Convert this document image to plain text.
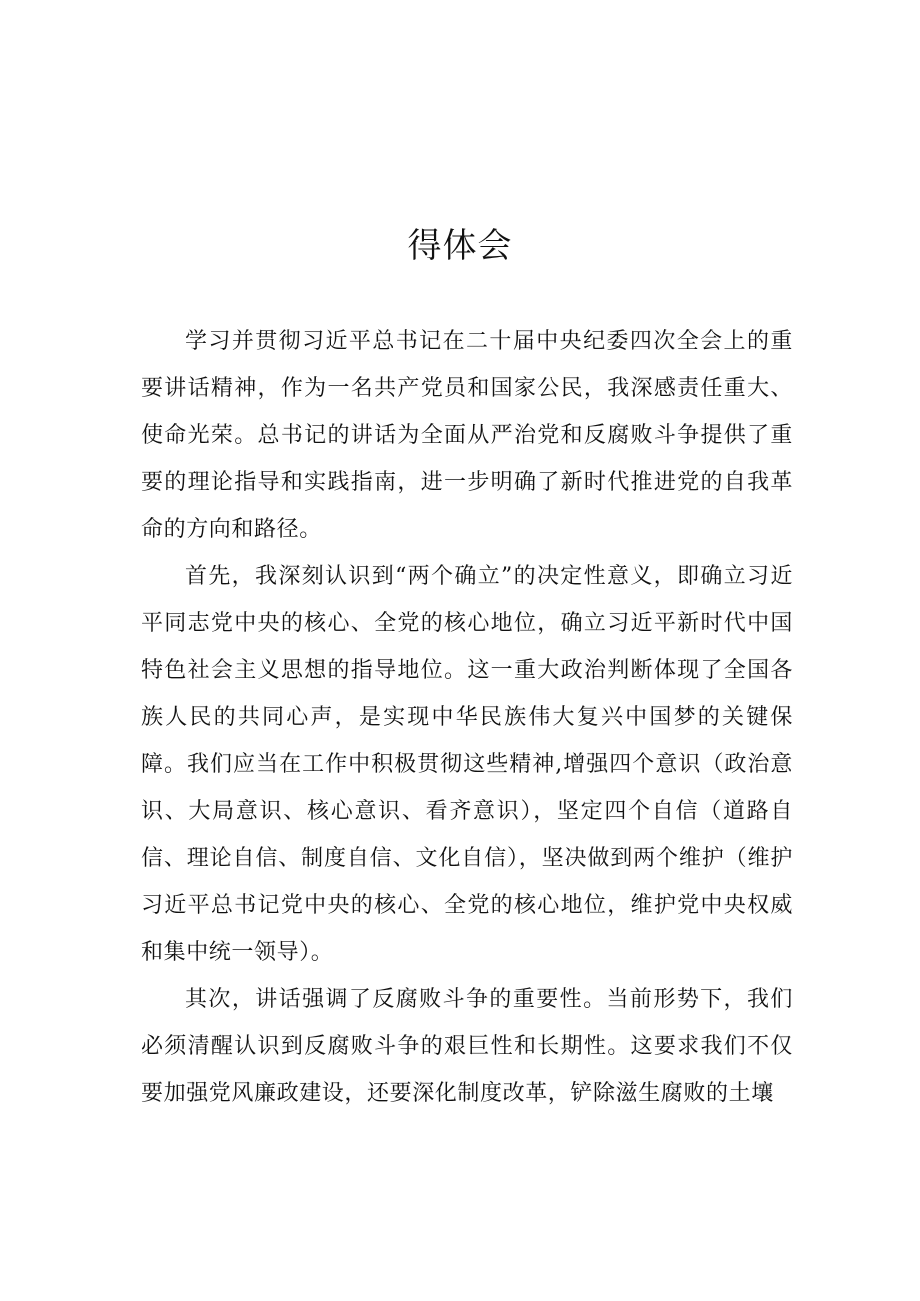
得体会

学习并贯彻习近平总书记在二十届中央纪委四次全会上的重要讲话精神，作为一名共产党员和国家公民，我深感责任重大、使命光荣。总书记的讲话为全面从严治党和反腐败斗争提供了重要的理论指导和实践指南，进一步明确了新时代推进党的自我革命的方向和路径。

首先，我深刻认识到“两个确立”的决定性意义，即确立习近平同志党中央的核心、全党的核心地位，确立习近平新时代中国特色社会主义思想的指导地位。这一重大政治判断体现了全国各族人民的共同心声，是实现中华民族伟大复兴中国梦的关键保障。我们应当在工作中积极贯彻这些精神,增强四个意识（政治意识、大局意识、核心意识、看齐意识），坚定四个自信（道路自信、理论自信、制度自信、文化自信），坚决做到两个维护（维护习近平总书记党中央的核心、全党的核心地位，维护党中央权威和集中统一领导）。

其次，讲话强调了反腐败斗争的重要性。当前形势下，我们必须清醒认识到反腐败斗争的艰巨性和长期性。这要求我们不仅要加强党风廉政建设，还要深化制度改革，铲除滋生腐败的土壤
